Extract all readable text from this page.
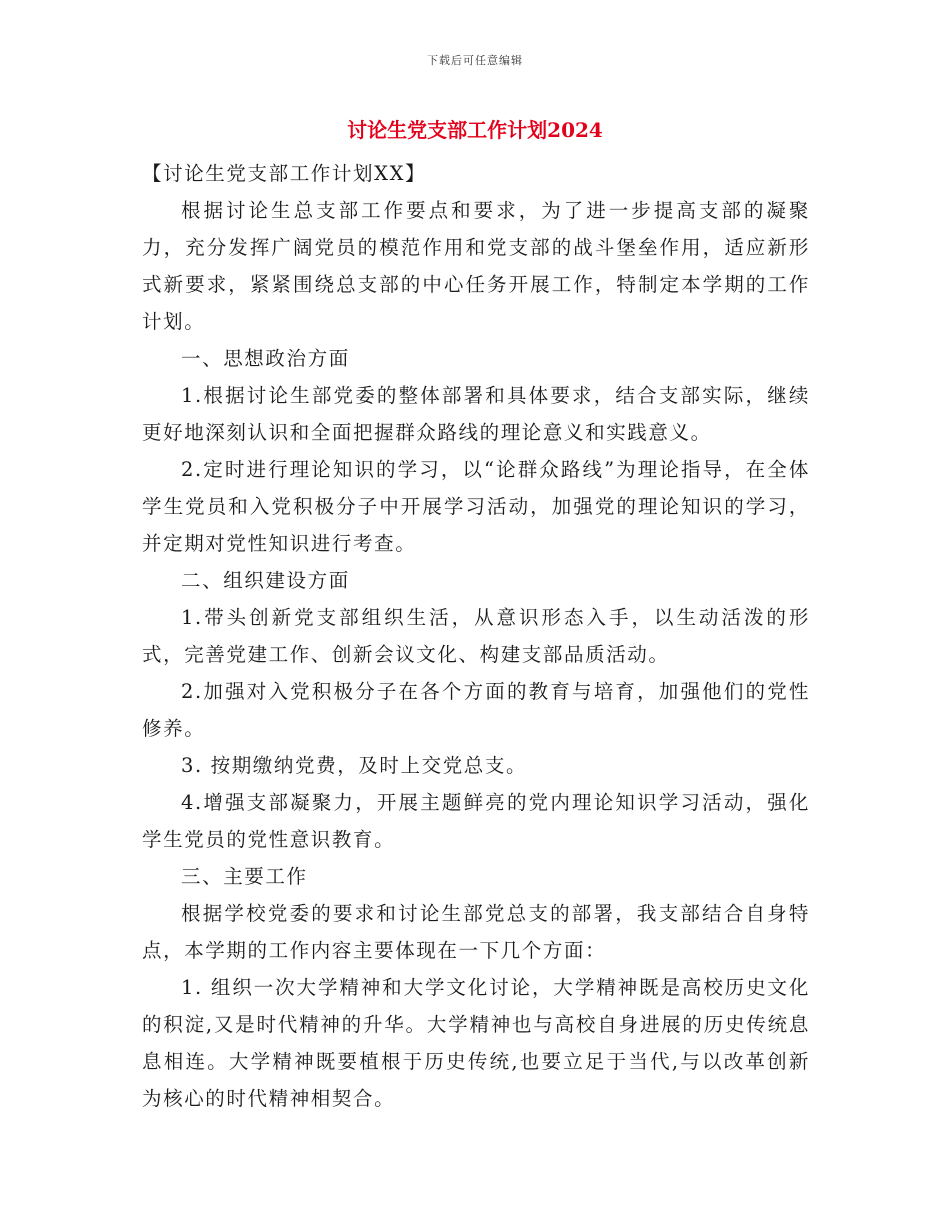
下载后可任意编辑
讨论生党支部工作计划2024

【讨论生党支部工作计划XX】

根据讨论生总支部工作要点和要求，为了进一步提高支部的凝聚力，充分发挥广阔党员的模范作用和党支部的战斗堡垒作用，适应新形式新要求，紧紧围绕总支部的中心任务开展工作，特制定本学期的工作计划。

一、思想政治方面

1.根据讨论生部党委的整体部署和具体要求，结合支部实际，继续更好地深刻认识和全面把握群众路线的理论意义和实践意义。

2.定时进行理论知识的学习，以“论群众路线”为理论指导，在全体学生党员和入党积极分子中开展学习活动，加强党的理论知识的学习，并定期对党性知识进行考查。

二、组织建设方面

1.带头创新党支部组织生活，从意识形态入手，以生动活泼的形式，完善党建工作、创新会议文化、构建支部品质活动。

2.加强对入党积极分子在各个方面的教育与培育，加强他们的党性修养。

3. 按期缴纳党费，及时上交党总支。

4.增强支部凝聚力，开展主题鲜亮的党内理论知识学习活动，强化学生党员的党性意识教育。

三、主要工作

根据学校党委的要求和讨论生部党总支的部署，我支部结合自身特点，本学期的工作内容主要体现在一下几个方面：

1. 组织一次大学精神和大学文化讨论，大学精神既是高校历史文化的积淀,又是时代精神的升华。大学精神也与高校自身进展的历史传统息息相连。大学精神既要植根于历史传统,也要立足于当代,与以改革创新为核心的时代精神相契合。
